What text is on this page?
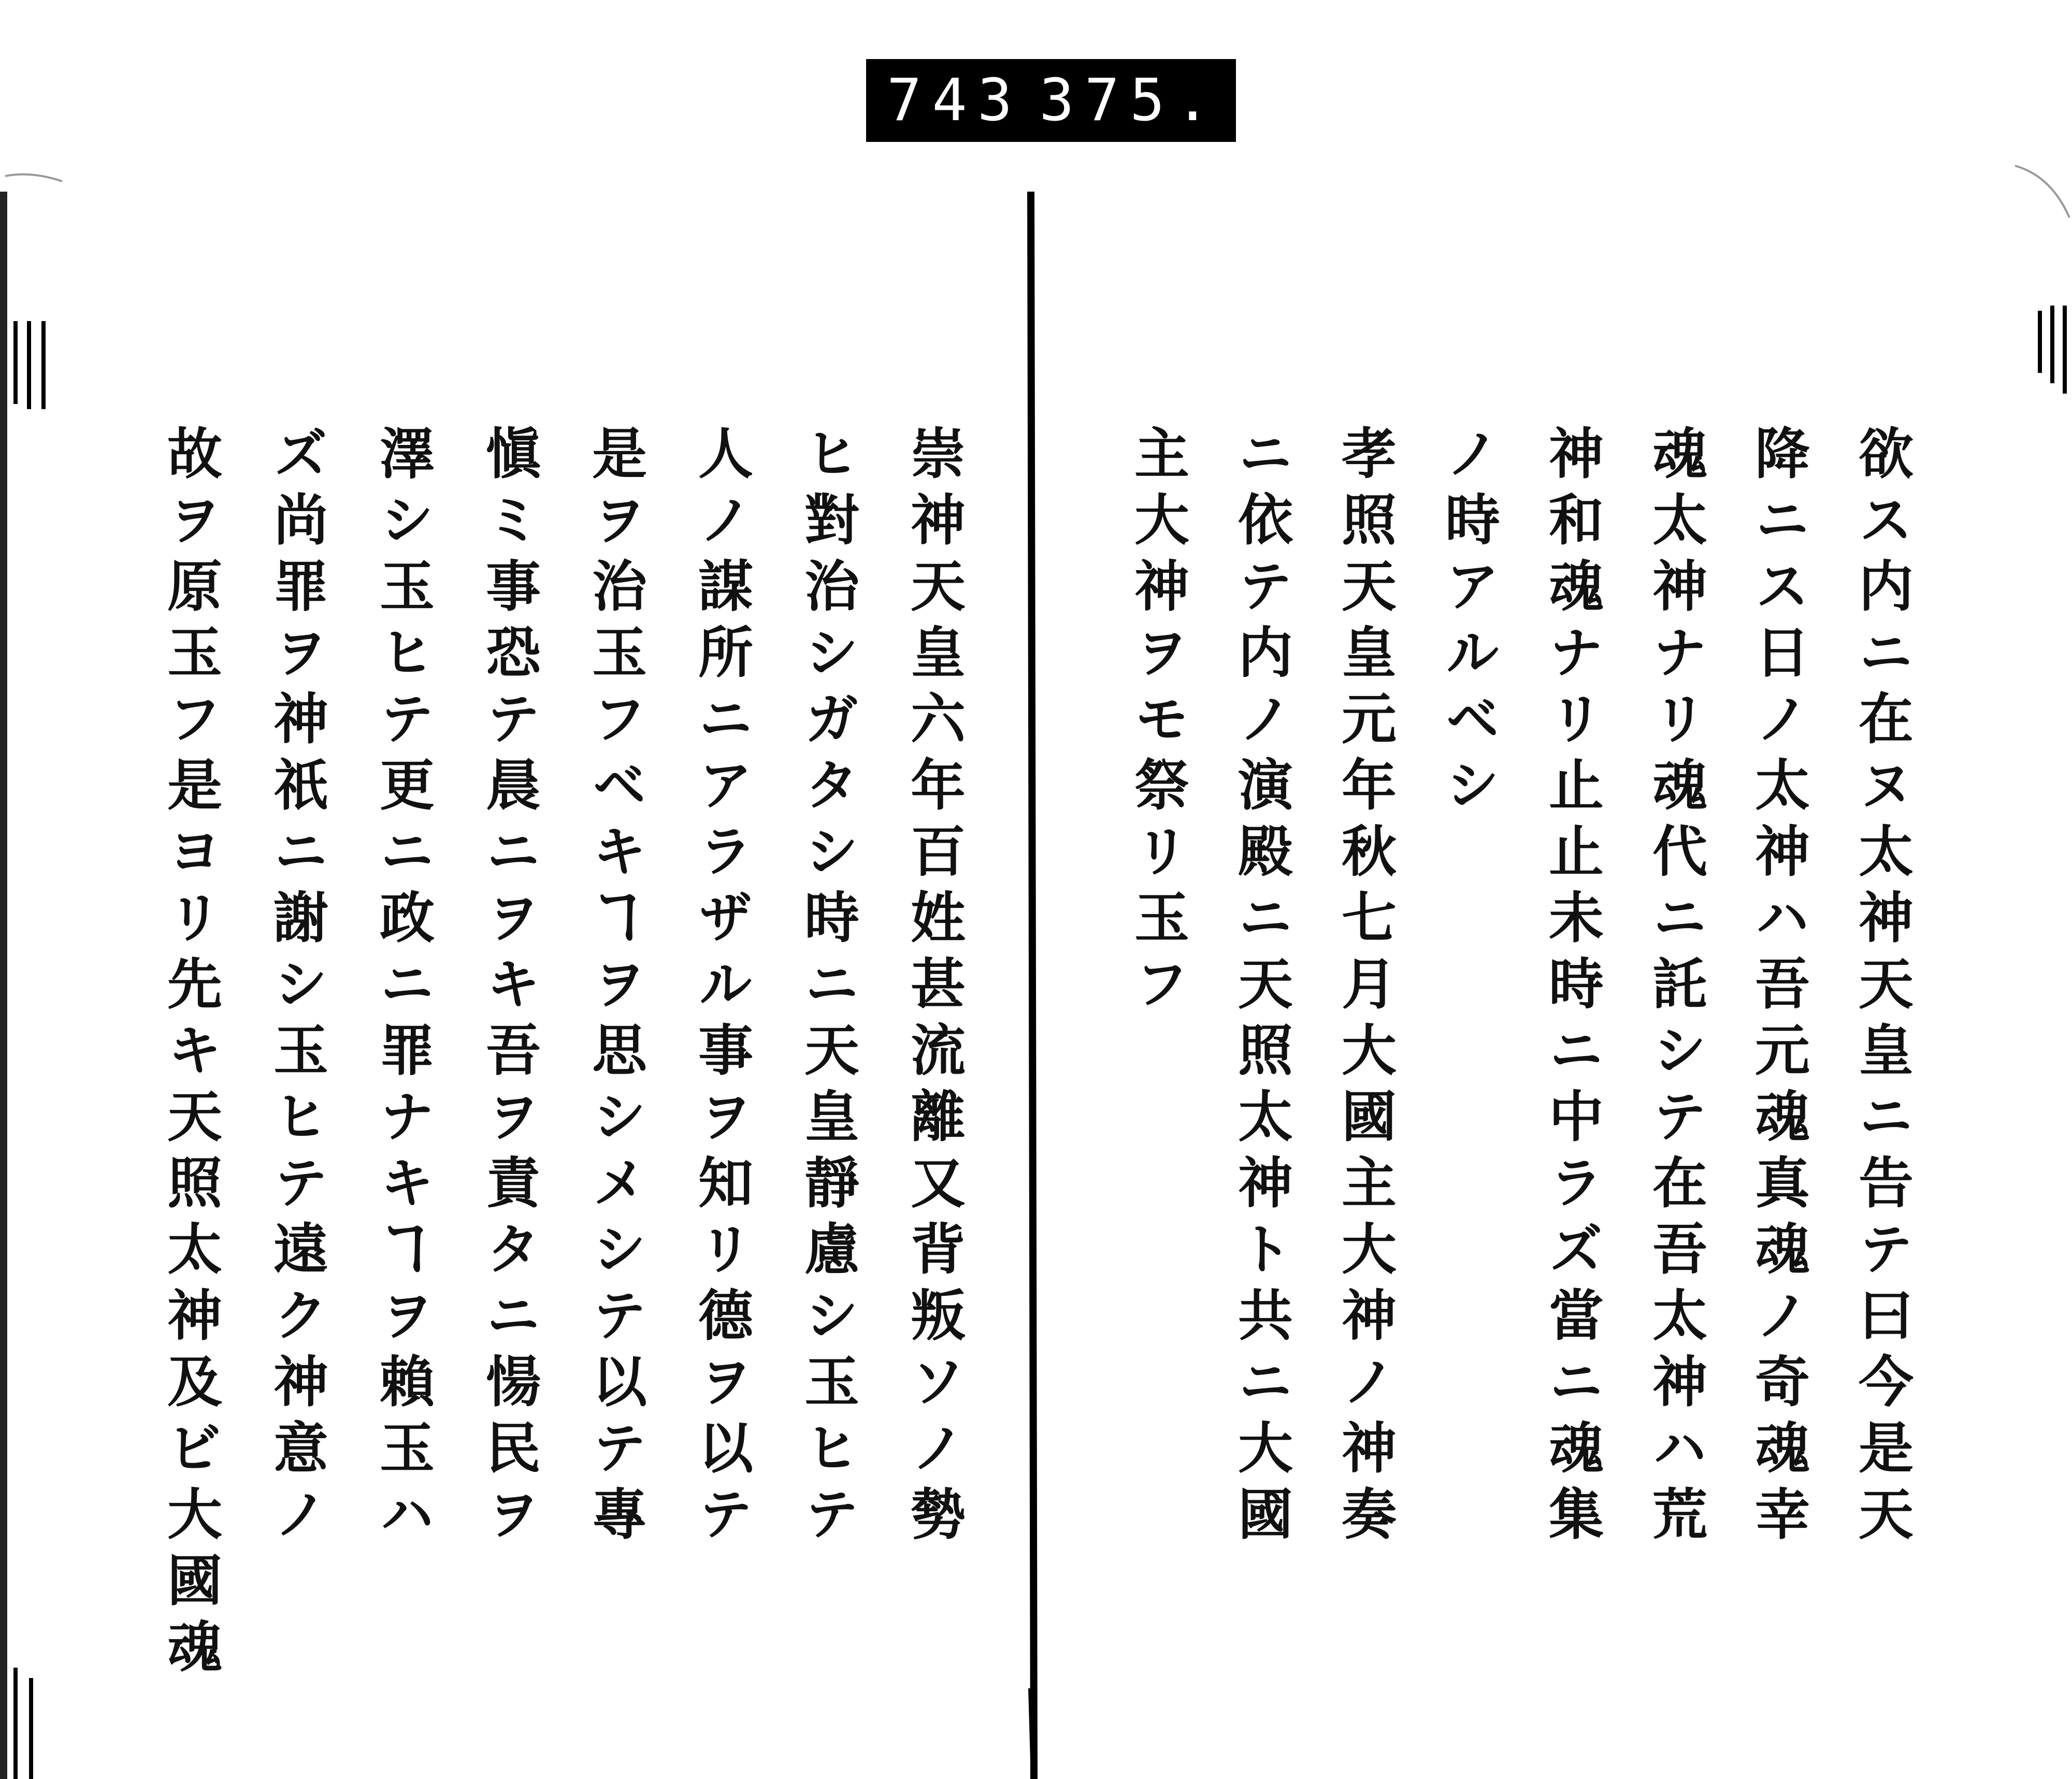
743 375.
欲ス内ニ在ヌ太神天皇ニ告テ曰今是天
降ニス日ノ太神ハ吾元魂真魂ノ奇魂幸
魂太神ナリ魂代ニ託シテ在吾太神ハ荒
神和魂ナリ止止未時ニ中ラズ當ニ魂集
ノ時アルベシ
孝照天皇元年秋七月大國主大神ノ神奏
ニ依テ内ノ演殿ニ天照太神ト共ニ大國
主大神ヲモ祭リ玉フ
崇神天皇六年百姓甚流離又背叛ソノ勢
ヒ對治シガタシ時ニ天皇靜慮シ玉ヒテ
人ノ謀所ニアラザル事ヲ知リ德ヲ以テ
是ヲ治玉フベキヿヲ思シメシテ以テ專
愼ミ事恐テ晨ニヲキ吾ヲ責タニ愓民ヲ
澤シ玉ヒテ更ニ政ニ罪ナキヿヲ賴玉ハ
ズ尚罪ヲ神祇ニ謝シ玉ヒテ遠ク神意ノ
故ヲ原玉フ是ヨリ先キ天照太神及ビ大國魂
